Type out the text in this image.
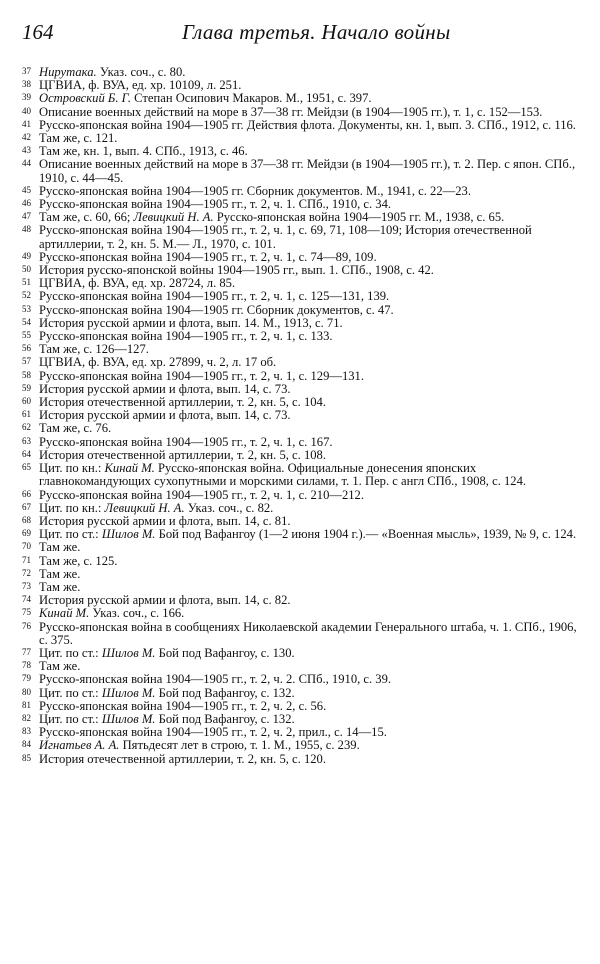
164	Глава третья. Начало войны
37 Нирутака. Указ. соч., с. 80.
38 ЦГВИА, ф. ВУА, ед. хр. 10109, л. 251.
39 Островский Б. Г. Степан Осипович Макаров. М., 1951, с. 397.
40 Описание военных действий на море в 37—38 гг. Мейдзи (в 1904—1905 гг.), т. 1, с. 152—153.
41 Русско-японская война 1904—1905 гг. Действия флота. Документы, кн. 1, вып. 3. СПб., 1912, с. 116.
42 Там же, с. 121.
43 Там же, кн. 1, вып. 4. СПб., 1913, с. 46.
44 Описание военных действий на море в 37—38 гг. Мейдзи (в 1904—1905 гг.), т. 2. Пер. с япон. СПб., 1910, с. 44—45.
45 Русско-японская война 1904—1905 гг. Сборник документов. М., 1941, с. 22—23.
46 Русско-японская война 1904—1905 гг., т. 2, ч. 1. СПб., 1910, с. 34.
47 Там же, с. 60, 66; Левицкий Н. А. Русско-японская война 1904—1905 гг. М., 1938, с. 65.
48 Русско-японская война 1904—1905 гг., т. 2, ч. 1, с. 69, 71, 108—109; История отечественной артиллерии, т. 2, кн. 5. М.— Л., 1970, с. 101.
49 Русско-японская война 1904—1905 гг., т. 2, ч. 1, с. 74—89, 109.
50 История русско-японской войны 1904—1905 гг., вып. 1. СПб., 1908, с. 42.
51 ЦГВИА, ф. ВУА, ед. хр. 28724, л. 85.
52 Русско-японская война 1904—1905 гг., т. 2, ч. 1, с. 125—131, 139.
53 Русско-японская война 1904—1905 гг. Сборник документов, с. 47.
54 История русской армии и флота, вып. 14. М., 1913, с. 71.
55 Русско-японская война 1904—1905 гг., т. 2, ч. 1, с. 133.
56 Там же, с. 126—127.
57 ЦГВИА, ф. ВУА, ед. хр. 27899, ч. 2, л. 17 об.
58 Русско-японская война 1904—1905 гг., т. 2, ч. 1, с. 129—131.
59 История русской армии и флота, вып. 14, с. 73.
60 История отечественной артиллерии, т. 2, кн. 5, с. 104.
61 История русской армии и флота, вып. 14, с. 73.
62 Там же, с. 76.
63 Русско-японская война 1904—1905 гг., т. 2, ч. 1, с. 167.
64 История отечественной артиллерии, т. 2, кн. 5, с. 108.
65 Цит. по кн.: Кинай М. Русско-японская война. Официальные донесения японских главнокомандующих сухопутными и морскими силами, т. 1. Пер. с англ СПб., 1908, с. 124.
66 Русско-японская война 1904—1905 гг., т. 2, ч. 1, с. 210—212.
67 Цит. по кн.: Левицкий Н. А. Указ. соч., с. 82.
68 История русской армии и флота, вып. 14, с. 81.
69 Цит. по ст.: Шилов М. Бой под Вафангоу (1—2 июня 1904 г.).— «Военная мысль», 1939, № 9, с. 124.
70 Там же.
71 Там же, с. 125.
72 Там же.
73 Там же.
74 История русской армии и флота, вып. 14, с. 82.
75 Кинай М. Указ. соч., с. 166.
76 Русско-японская война в сообщениях Николаевской академии Генерального штаба, ч. 1. СПб., 1906, с. 375.
77 Цит. по ст.: Шилов М. Бой под Вафангоу, с. 130.
78 Там же.
79 Русско-японская война 1904—1905 гг., т. 2, ч. 2. СПб., 1910, с. 39.
80 Цит. по ст.: Шилов М. Бой под Вафангоу, с. 132.
81 Русско-японская война 1904—1905 гг., т. 2, ч. 2, с. 56.
82 Цит. по ст.: Шилов М. Бой под Вафангоу, с. 132.
83 Русско-японская война 1904—1905 гг., т. 2, ч. 2, прил., с. 14—15.
84 Игнатьев А. А. Пятьдесят лет в строю, т. 1. М., 1955, с. 239.
85 История отечественной артиллерии, т. 2, кн. 5, с. 120.
